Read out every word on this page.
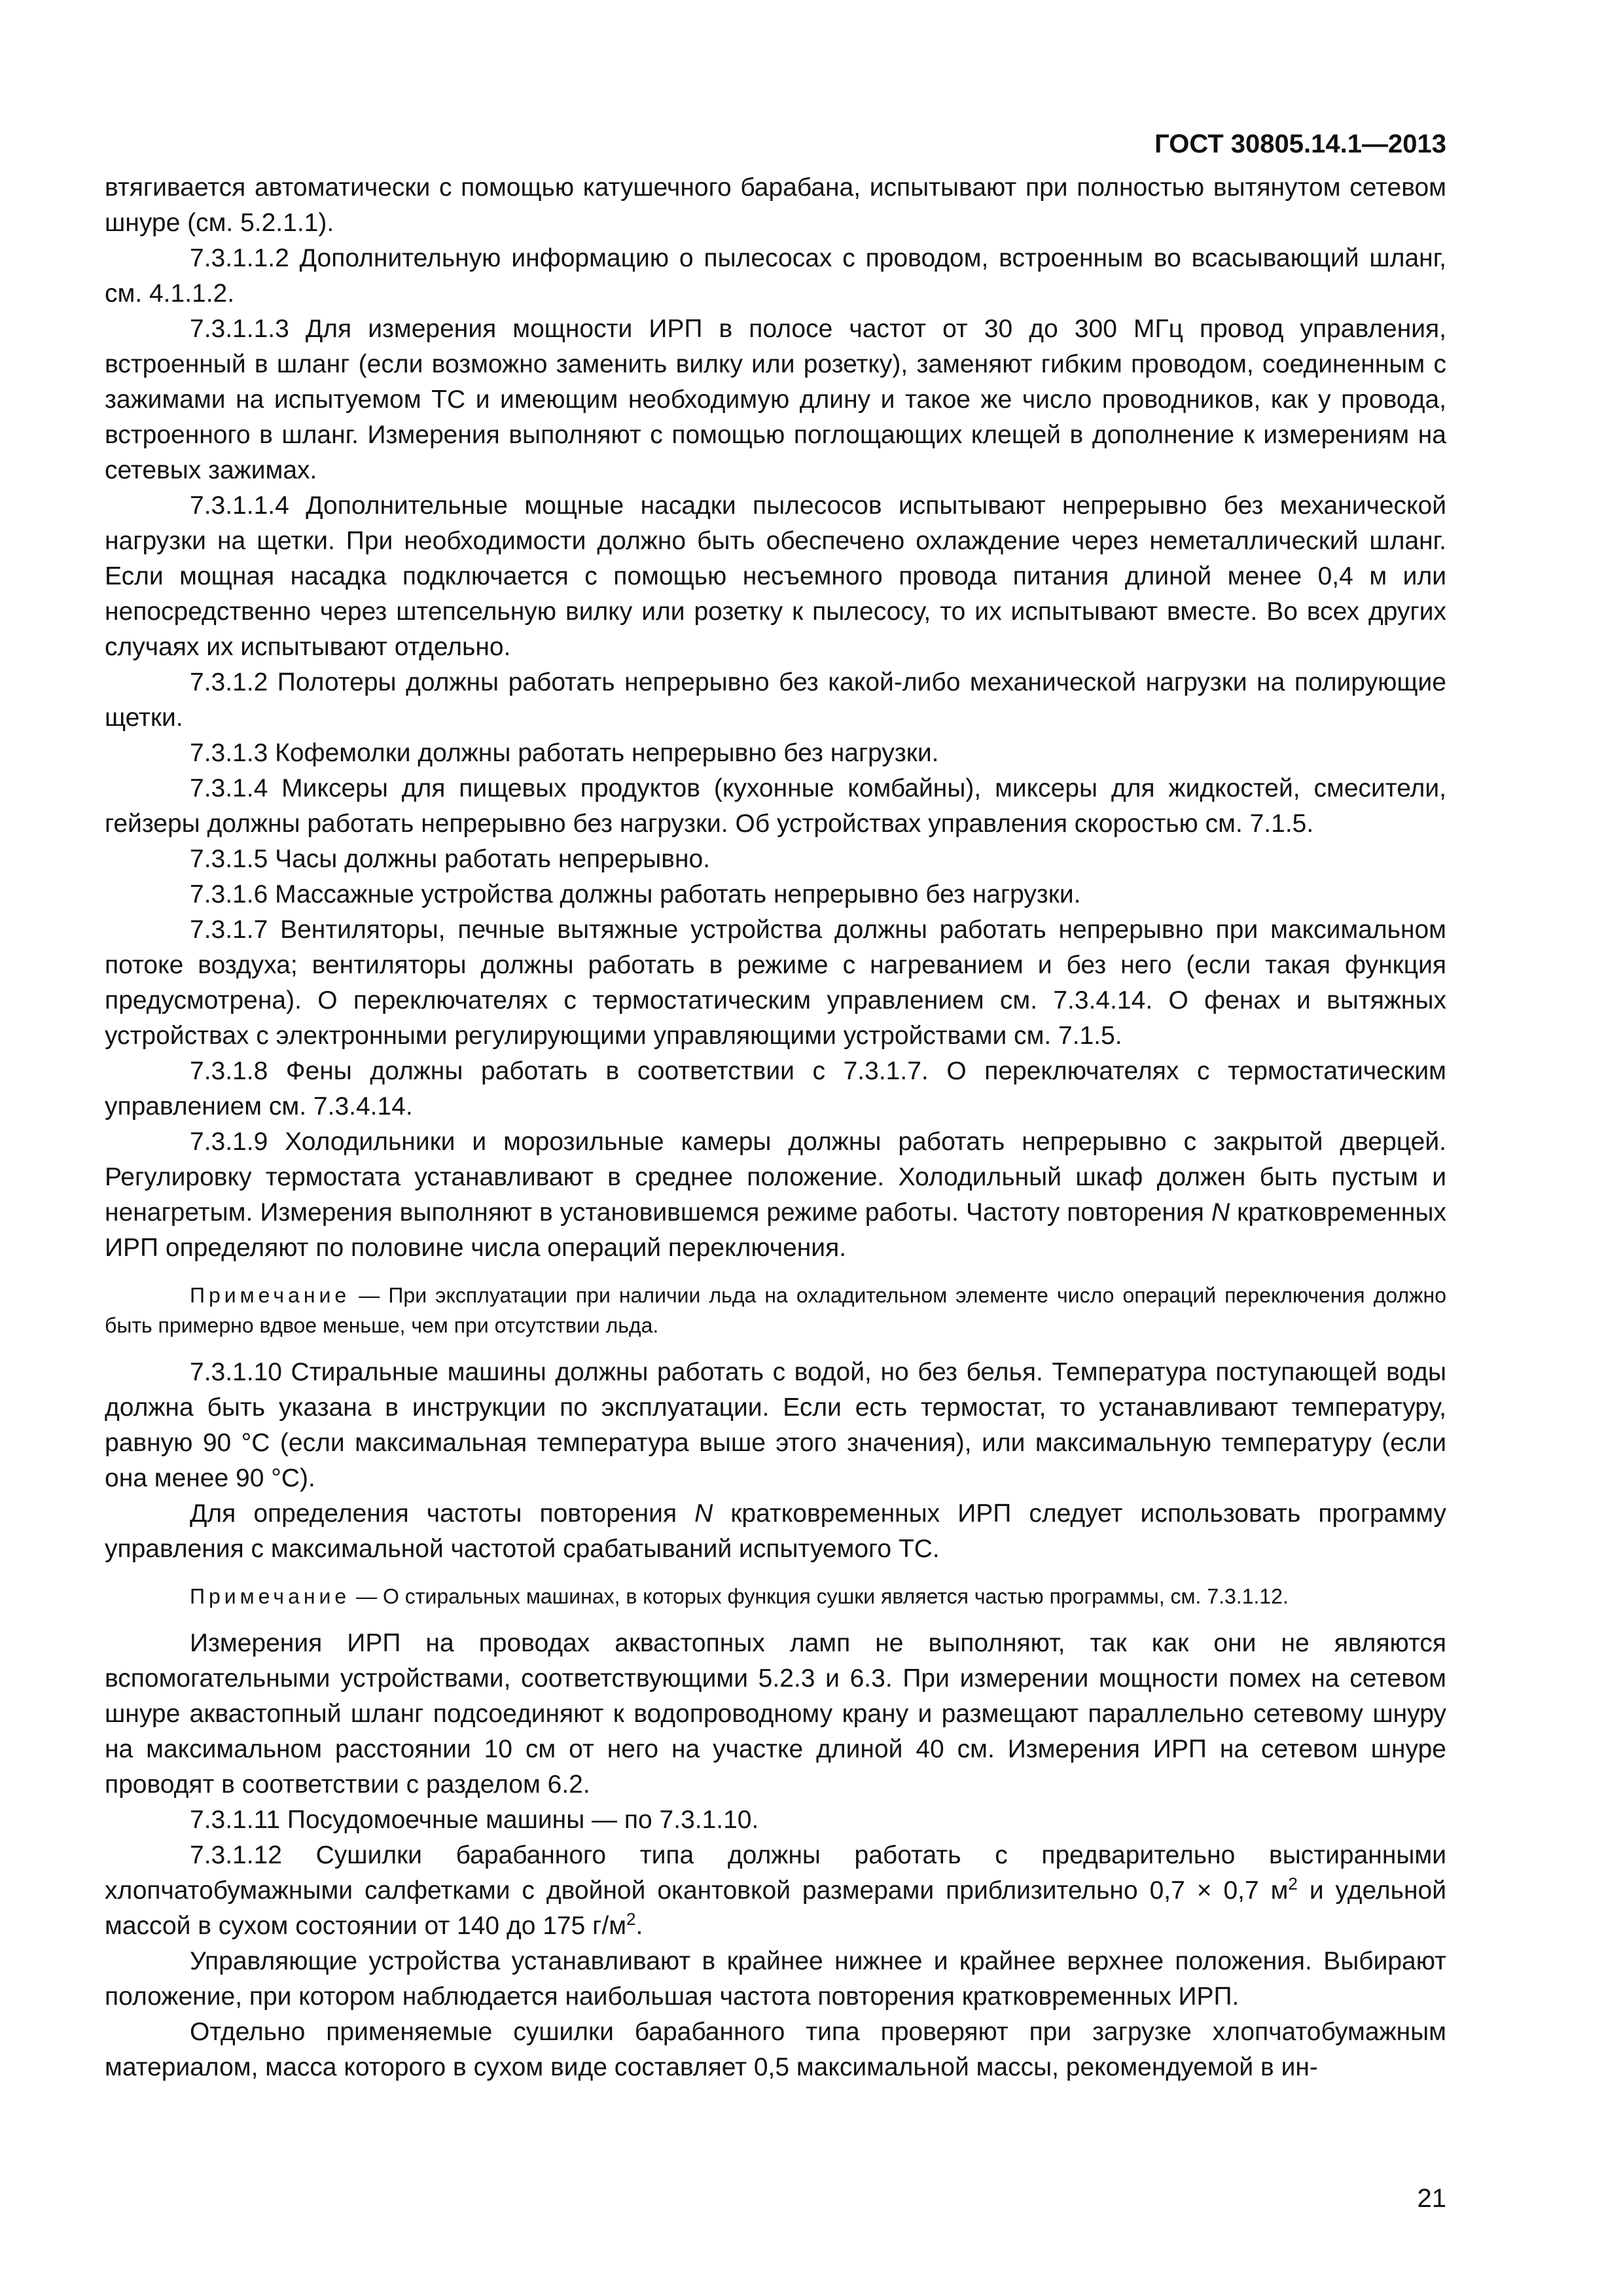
ГОСТ 30805.14.1—2013

втягивается автоматически с помощью катушечного барабана, испытывают при полностью вытянутом сетевом шнуре (см. 5.2.1.1).

7.3.1.1.2 Дополнительную информацию о пылесосах с проводом, встроенным во всасывающий шланг, см. 4.1.1.2.

7.3.1.1.3 Для измерения мощности ИРП в полосе частот от 30 до 300 МГц провод управления, встроенный в шланг (если возможно заменить вилку или розетку), заменяют гибким проводом, соединенным с зажимами на испытуемом ТС и имеющим необходимую длину и такое же число проводников, как у провода, встроенного в шланг. Измерения выполняют с помощью поглощающих клещей в дополнение к измерениям на сетевых зажимах.

7.3.1.1.4 Дополнительные мощные насадки пылесосов испытывают непрерывно без механической нагрузки на щетки. При необходимости должно быть обеспечено охлаждение через неметаллический шланг. Если мощная насадка подключается с помощью несъемного провода питания длиной менее 0,4 м или непосредственно через штепсельную вилку или розетку к пылесосу, то их испытывают вместе. Во всех других случаях их испытывают отдельно.

7.3.1.2 Полотеры должны работать непрерывно без какой-либо механической нагрузки на полирующие щетки.

7.3.1.3 Кофемолки должны работать непрерывно без нагрузки.

7.3.1.4 Миксеры для пищевых продуктов (кухонные комбайны), миксеры для жидкостей, смесители, гейзеры должны работать непрерывно без нагрузки. Об устройствах управления скоростью см. 7.1.5.

7.3.1.5 Часы должны работать непрерывно.

7.3.1.6 Массажные устройства должны работать непрерывно без нагрузки.

7.3.1.7 Вентиляторы, печные вытяжные устройства должны работать непрерывно при максимальном потоке воздуха; вентиляторы должны работать в режиме с нагреванием и без него (если такая функция предусмотрена). О переключателях с термостатическим управлением см. 7.3.4.14. О фенах и вытяжных устройствах с электронными регулирующими управляющими устройствами см. 7.1.5.

7.3.1.8 Фены должны работать в соответствии с 7.3.1.7. О переключателях с термостатическим управлением см. 7.3.4.14.

7.3.1.9 Холодильники и морозильные камеры должны работать непрерывно с закрытой дверцей. Регулировку термостата устанавливают в среднее положение. Холодильный шкаф должен быть пустым и ненагретым. Измерения выполняют в установившемся режиме работы. Частоту повторения N кратковременных ИРП определяют по половине числа операций переключения.

Примечание — При эксплуатации при наличии льда на охладительном элементе число операций переключения должно быть примерно вдвое меньше, чем при отсутствии льда.

7.3.1.10 Стиральные машины должны работать с водой, но без белья. Температура поступающей воды должна быть указана в инструкции по эксплуатации. Если есть термостат, то устанавливают температуру, равную 90 °С (если максимальная температура выше этого значения), или максимальную температуру (если она менее 90 °С).

Для определения частоты повторения N кратковременных ИРП следует использовать программу управления с максимальной частотой срабатываний испытуемого ТС.

Примечание — О стиральных машинах, в которых функция сушки является частью программы, см. 7.3.1.12.

Измерения ИРП на проводах аквастопных ламп не выполняют, так как они не являются вспомогательными устройствами, соответствующими 5.2.3 и 6.3. При измерении мощности помех на сетевом шнуре аквастопный шланг подсоединяют к водопроводному крану и размещают параллельно сетевому шнуру на максимальном расстоянии 10 см от него на участке длиной 40 см. Измерения ИРП на сетевом шнуре проводят в соответствии с разделом 6.2.

7.3.1.11 Посудомоечные машины — по 7.3.1.10.

7.3.1.12 Сушилки барабанного типа должны работать с предварительно выстиранными хлопчатобумажными салфетками с двойной окантовкой размерами приблизительно 0,7 × 0,7 $м^2$ и удельной массой в сухом состоянии от 140 до 175 $г/м^2$.

Управляющие устройства устанавливают в крайнее нижнее и крайнее верхнее положения. Выбирают положение, при котором наблюдается наибольшая частота повторения кратковременных ИРП.

Отдельно применяемые сушилки барабанного типа проверяют при загрузке хлопчатобумажным материалом, масса которого в сухом виде составляет 0,5 максимальной массы, рекомендуемой в ин-

21
